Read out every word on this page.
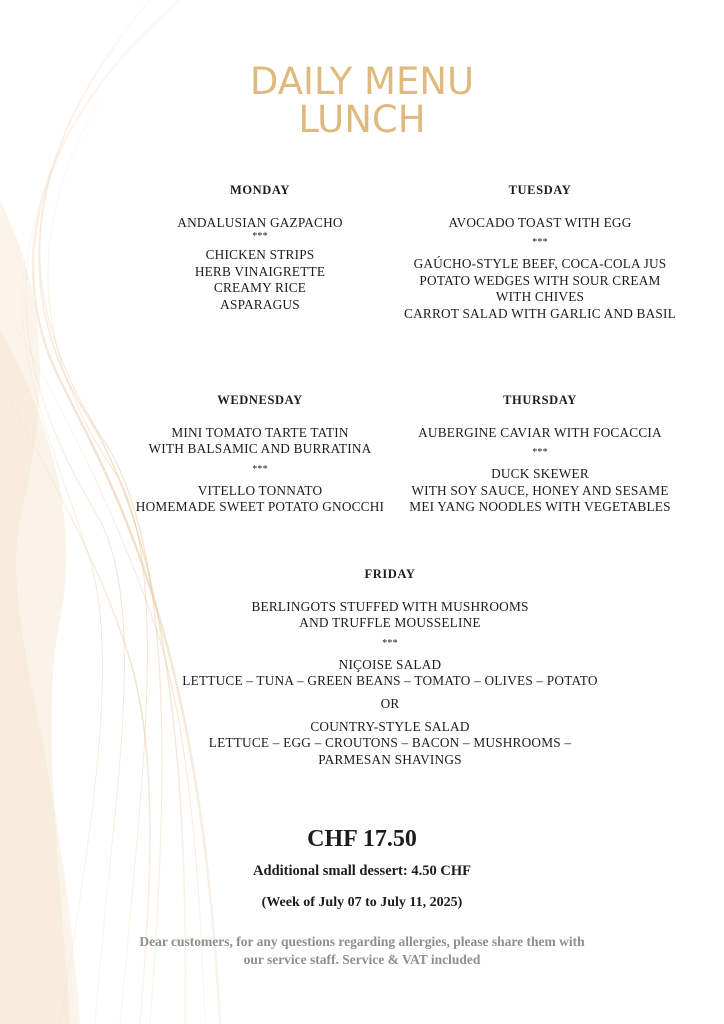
DAILY MENU
LUNCH
MONDAY
ANDALUSIAN GAZPACHO
***
CHICKEN STRIPS
HERB VINAIGRETTE
CREAMY RICE
ASPARAGUS
TUESDAY
AVOCADO TOAST WITH EGG
***
GAÚCHO-STYLE BEEF, COCA-COLA JUS
POTATO WEDGES WITH SOUR CREAM
WITH CHIVES
CARROT SALAD WITH GARLIC AND BASIL
WEDNESDAY
MINI TOMATO TARTE TATIN
WITH BALSAMIC AND BURRATINA
***
VITELLO TONNATO
HOMEMADE SWEET POTATO GNOCCHI
THURSDAY
AUBERGINE CAVIAR WITH FOCACCIA
***
DUCK SKEWER
WITH SOY SAUCE, HONEY AND SESAME
MEI YANG NOODLES WITH VEGETABLES
FRIDAY
BERLINGOTS STUFFED WITH MUSHROOMS
AND TRUFFLE MOUSSELINE
***
NIÇOISE SALAD
LETTUCE – TUNA – GREEN BEANS – TOMATO – OLIVES – POTATO
OR
COUNTRY-STYLE SALAD
LETTUCE – EGG – CROUTONS – BACON – MUSHROOMS –
PARMESAN SHAVINGS
CHF 17.50
Additional small dessert: 4.50 CHF
(Week of July 07 to July 11, 2025)
Dear customers, for any questions regarding allergies, please share them with
our service staff. Service & VAT included
